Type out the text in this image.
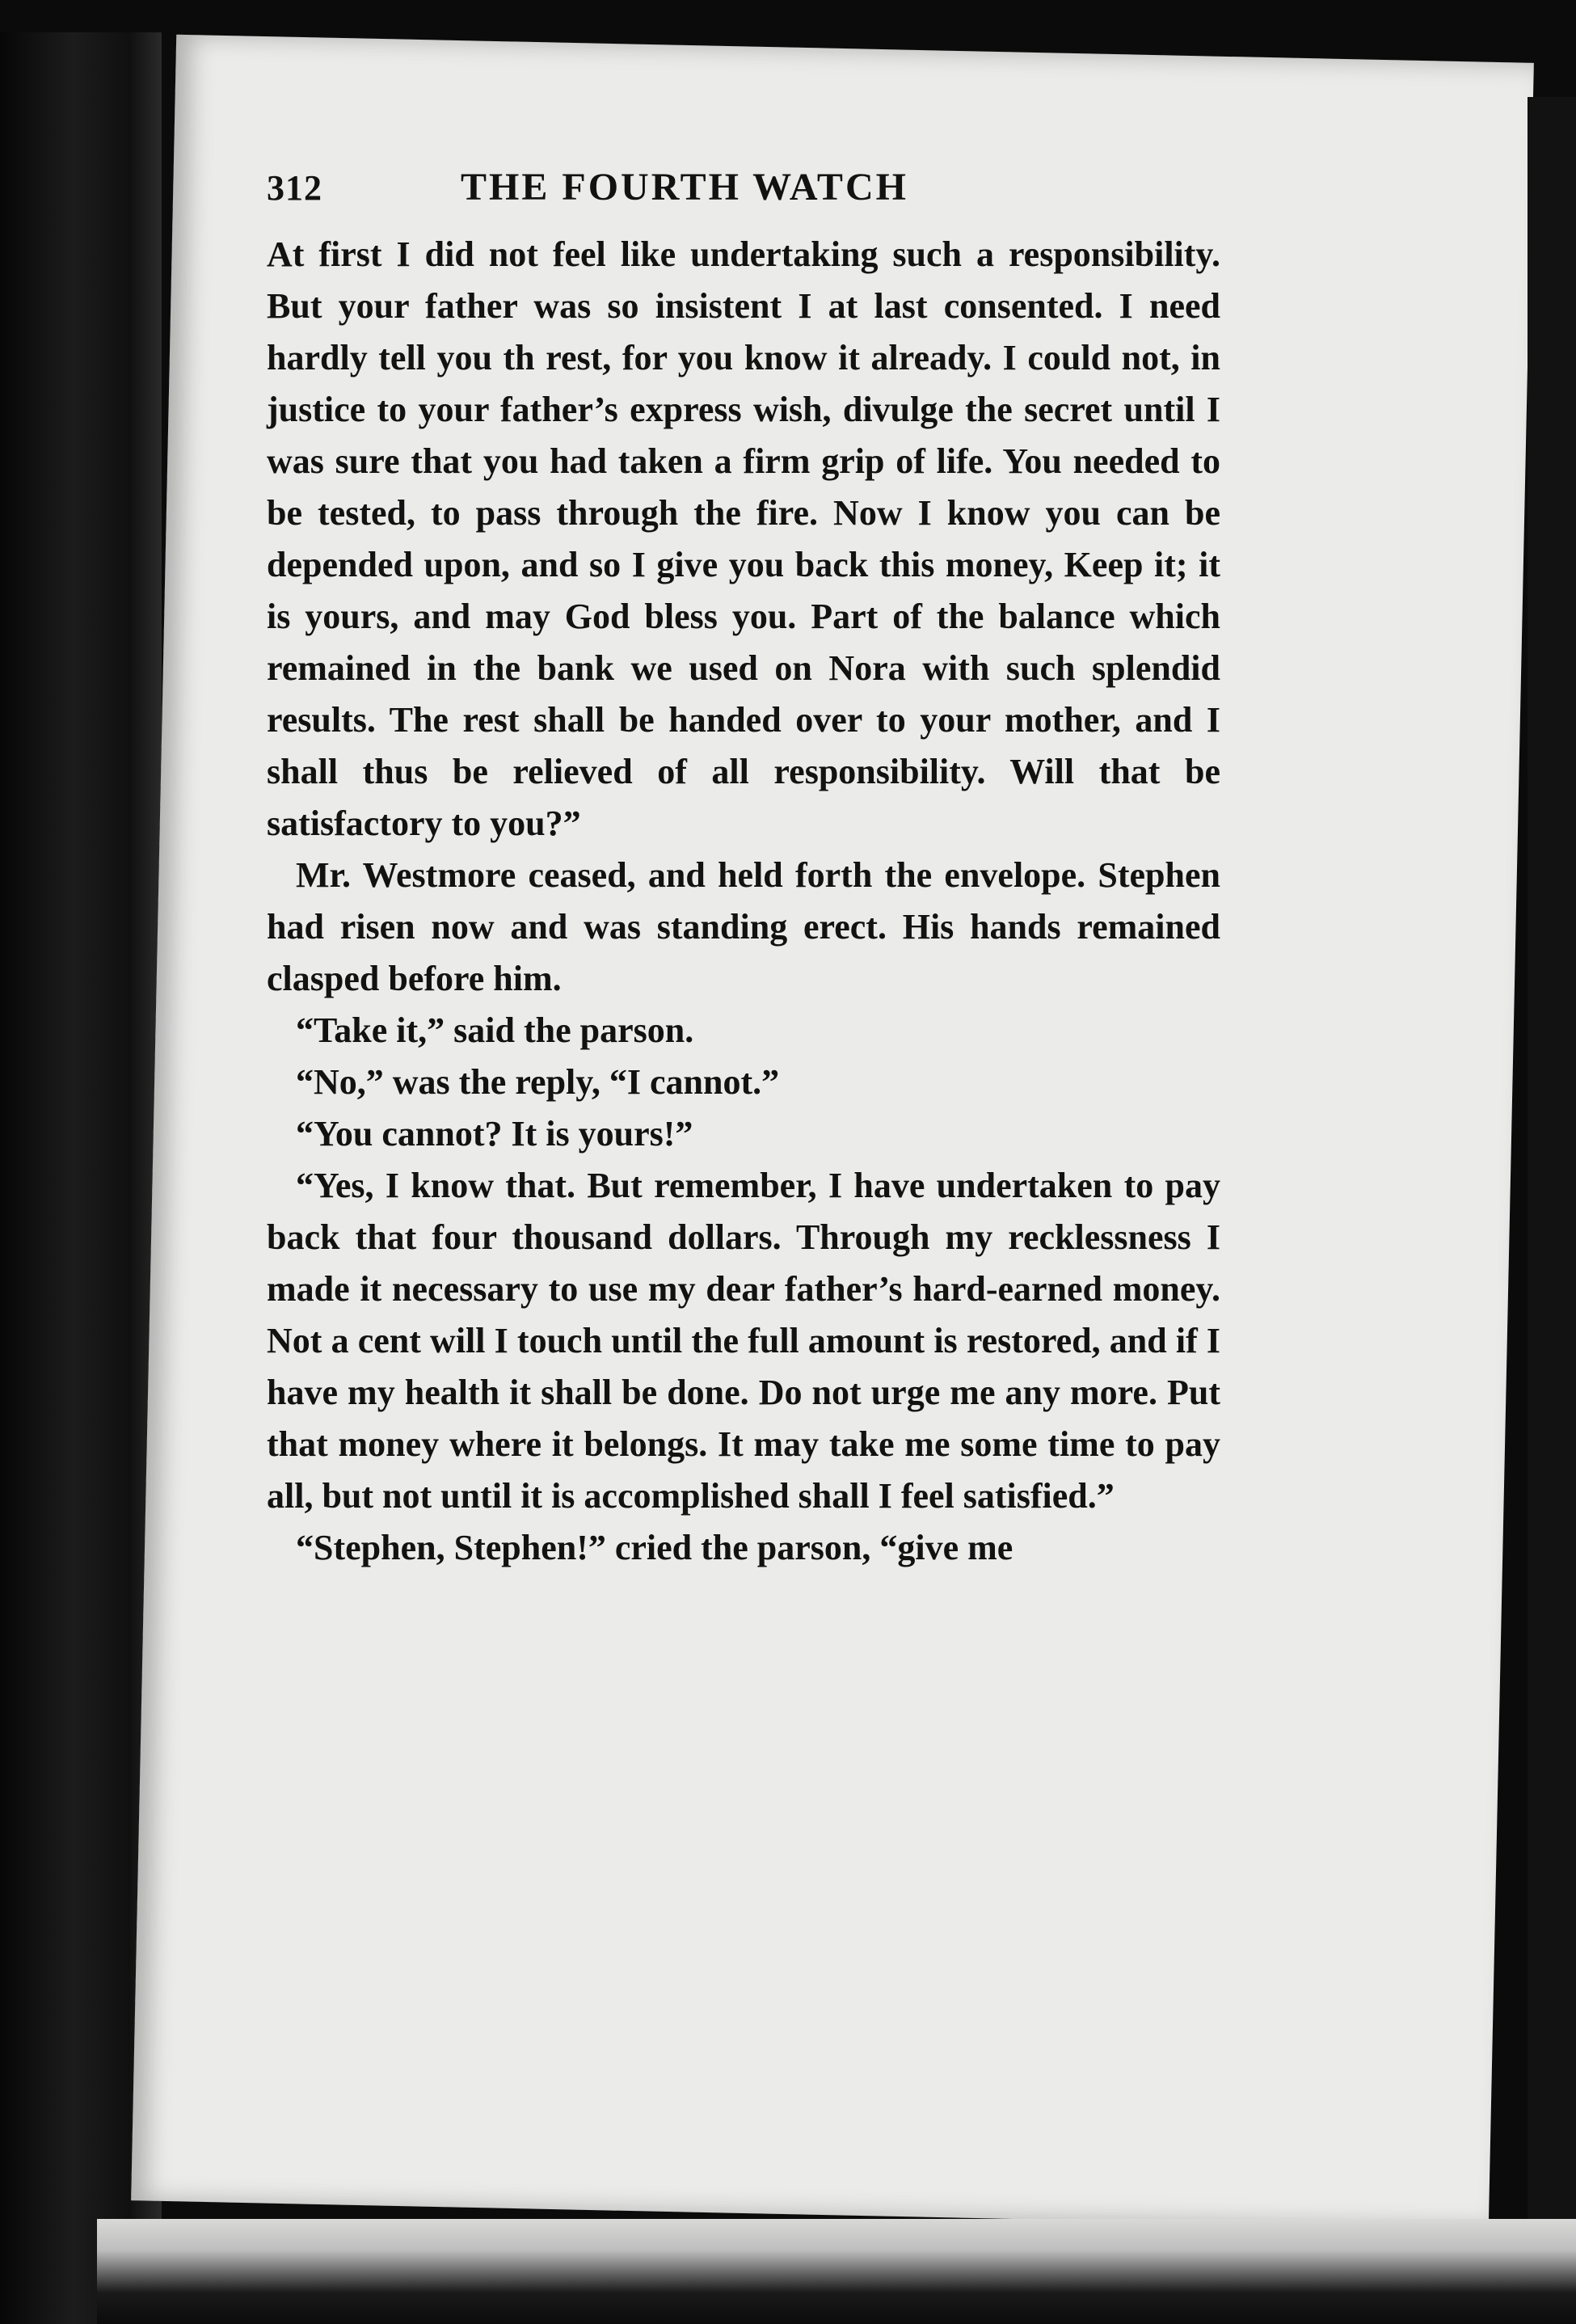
312	THE FOURTH WATCH

At first I did not feel like undertaking such a responsibility. But your father was so insistent I at last consented. I need hardly tell you th rest, for you know it already. I could not, in justice to your father’s express wish, divulge the secret until I was sure that you had taken a firm grip of life. You needed to be tested, to pass through the fire. Now I know you can be depended upon, and so I give you back this money, Keep it; it is yours, and may God bless you. Part of the balance which remained in the bank we used on Nora with such splendid results. The rest shall be handed over to your mother, and I shall thus be relieved of all responsibility. Will that be satisfactory to you?”

Mr. Westmore ceased, and held forth the envelope. Stephen had risen now and was standing erect. His hands remained clasped before him.

“Take it,” said the parson.

“No,” was the reply, “I cannot.”

“You cannot? It is yours!”

“Yes, I know that. But remember, I have undertaken to pay back that four thousand dollars. Through my recklessness I made it necessary to use my dear father’s hard-earned money. Not a cent will I touch until the full amount is restored, and if I have my health it shall be done. Do not urge me any more. Put that money where it belongs. It may take me some time to pay all, but not until it is accomplished shall I feel satisfied.”

“Stephen, Stephen!” cried the parson, “give me
